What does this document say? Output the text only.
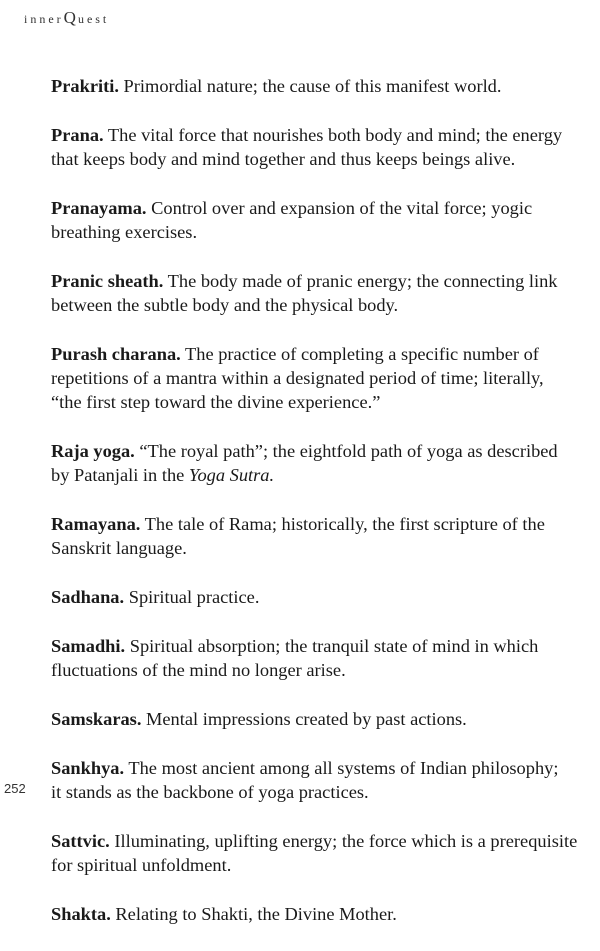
innerQuest
252

Prakriti. Primordial nature; the cause of this manifest world.

Prana. The vital force that nourishes both body and mind; the energy
that keeps body and mind together and thus keeps beings alive.

Pranayama. Control over and expansion of the vital force; yogic
breathing exercises.

Pranic sheath. The body made of pranic energy; the connecting link
between the subtle body and the physical body.

Purash charana. The practice of completing a specific number of
repetitions of a mantra within a designated period of time; literally,
“the first step toward the divine experience.”

Raja yoga. “The royal path”; the eightfold path of yoga as described
by Patanjali in the Yoga Sutra.

Ramayana. The tale of Rama; historically, the first scripture of the
Sanskrit language.

Sadhana. Spiritual practice.

Samadhi. Spiritual absorption; the tranquil state of mind in which
fluctuations of the mind no longer arise.

Samskaras. Mental impressions created by past actions.

Sankhya. The most ancient among all systems of Indian philosophy;
it stands as the backbone of yoga practices.

Sattvic. Illuminating, uplifting energy; the force which is a prerequisite
for spiritual unfoldment.

Shakta. Relating to Shakti, the Divine Mother.
